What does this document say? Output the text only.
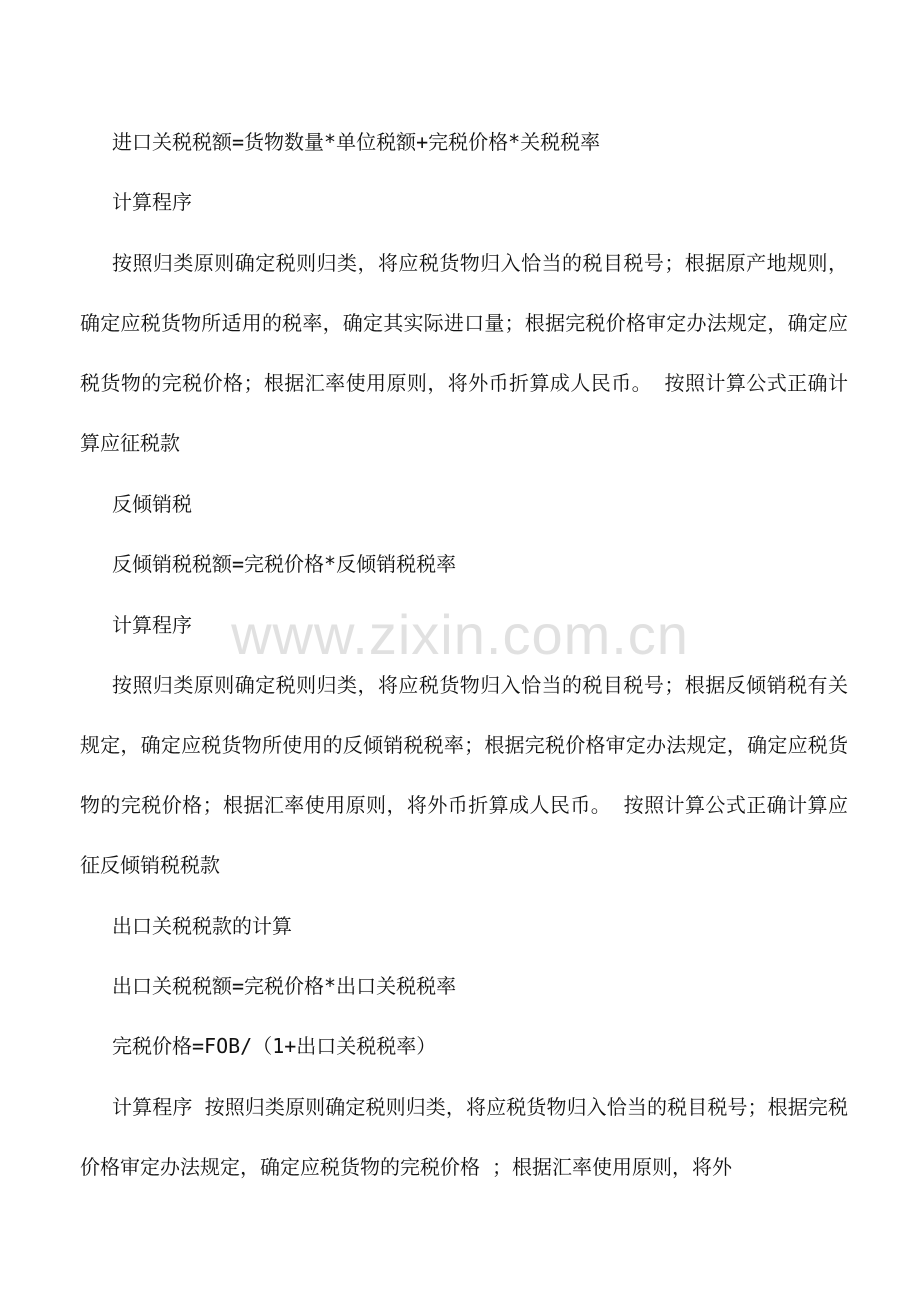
进口关税税额=货物数量*单位税额+完税价格*关税税率

计算程序

按照归类原则确定税则归类，将应税货物归入恰当的税目税号；根据原产地规则，确定应税货物所适用的税率，确定其实际进口量；根据完税价格审定办法规定，确定应税货物的完税价格；根据汇率使用原则，将外币折算成人民币。 按照计算公式正确计算应征税款

反倾销税

反倾销税税额=完税价格*反倾销税税率

计算程序

按照归类原则确定税则归类，将应税货物归入恰当的税目税号；根据反倾销税有关规定，确定应税货物所使用的反倾销税税率；根据完税价格审定办法规定，确定应税货物的完税价格；根据汇率使用原则，将外币折算成人民币。 按照计算公式正确计算应征反倾销税税款

出口关税税款的计算

出口关税税额=完税价格*出口关税税率

完税价格=FOB/（1+出口关税税率）

计算程序 按照归类原则确定税则归类，将应税货物归入恰当的税目税号；根据完税价格审定办法规定，确定应税货物的完税价格 ；根据汇率使用原则，将外

www.zixin.com.cn
